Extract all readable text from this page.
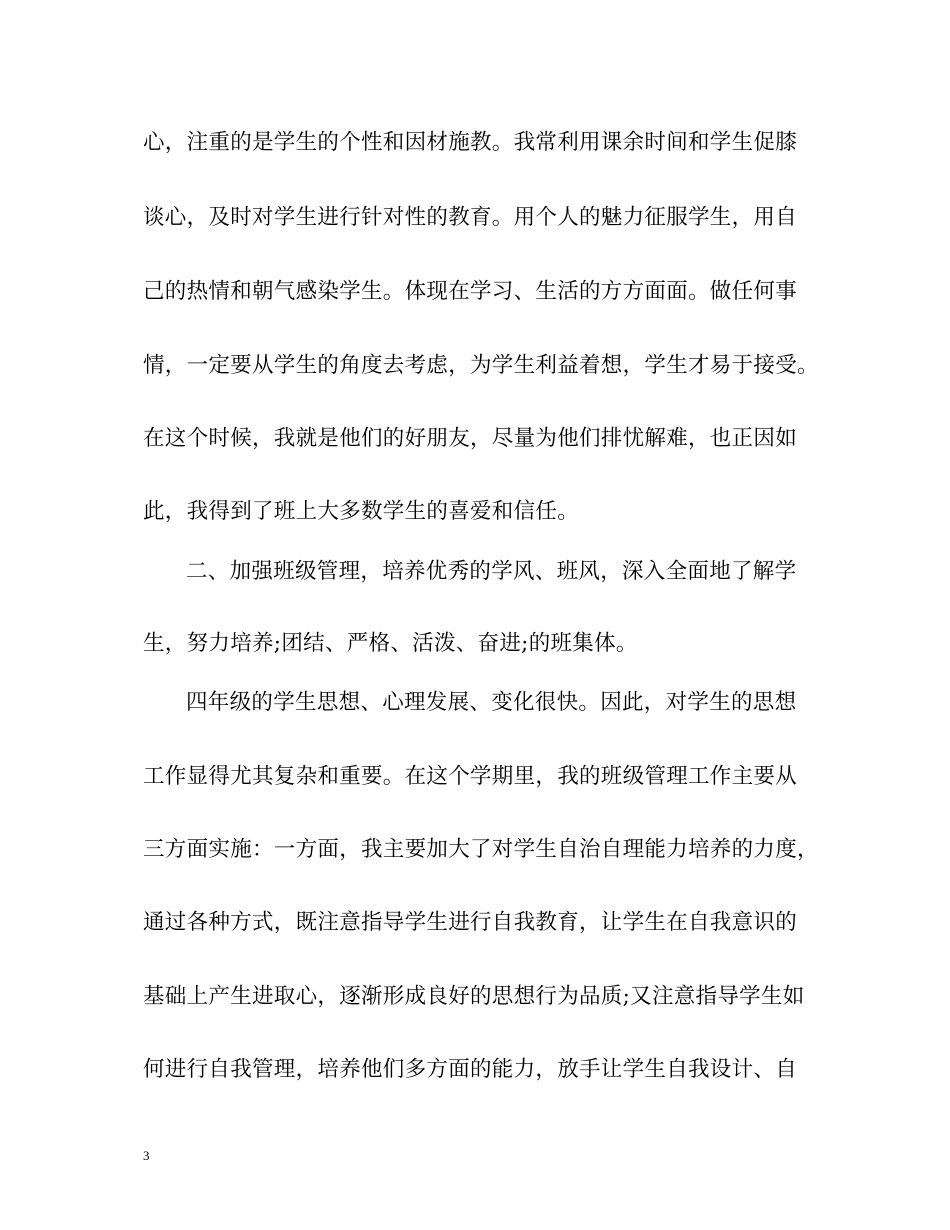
心，注重的是学生的个性和因材施教。我常利用课余时间和学生促膝
谈心，及时对学生进行针对性的教育。用个人的魅力征服学生，用自
己的热情和朝气感染学生。体现在学习、生活的方方面面。做任何事
情，一定要从学生的角度去考虑，为学生利益着想，学生才易于接受。
在这个时候，我就是他们的好朋友，尽量为他们排忧解难，也正因如
此，我得到了班上大多数学生的喜爱和信任。
二、加强班级管理，培养优秀的学风、班风，深入全面地了解学
生，努力培养;团结、严格、活泼、奋进;的班集体。
四年级的学生思想、心理发展、变化很快。因此，对学生的思想
工作显得尤其复杂和重要。在这个学期里，我的班级管理工作主要从
三方面实施：一方面，我主要加大了对学生自治自理能力培养的力度，
通过各种方式，既注意指导学生进行自我教育，让学生在自我意识的
基础上产生进取心，逐渐形成良好的思想行为品质;又注意指导学生如
何进行自我管理，培养他们多方面的能力，放手让学生自我设计、自
3
